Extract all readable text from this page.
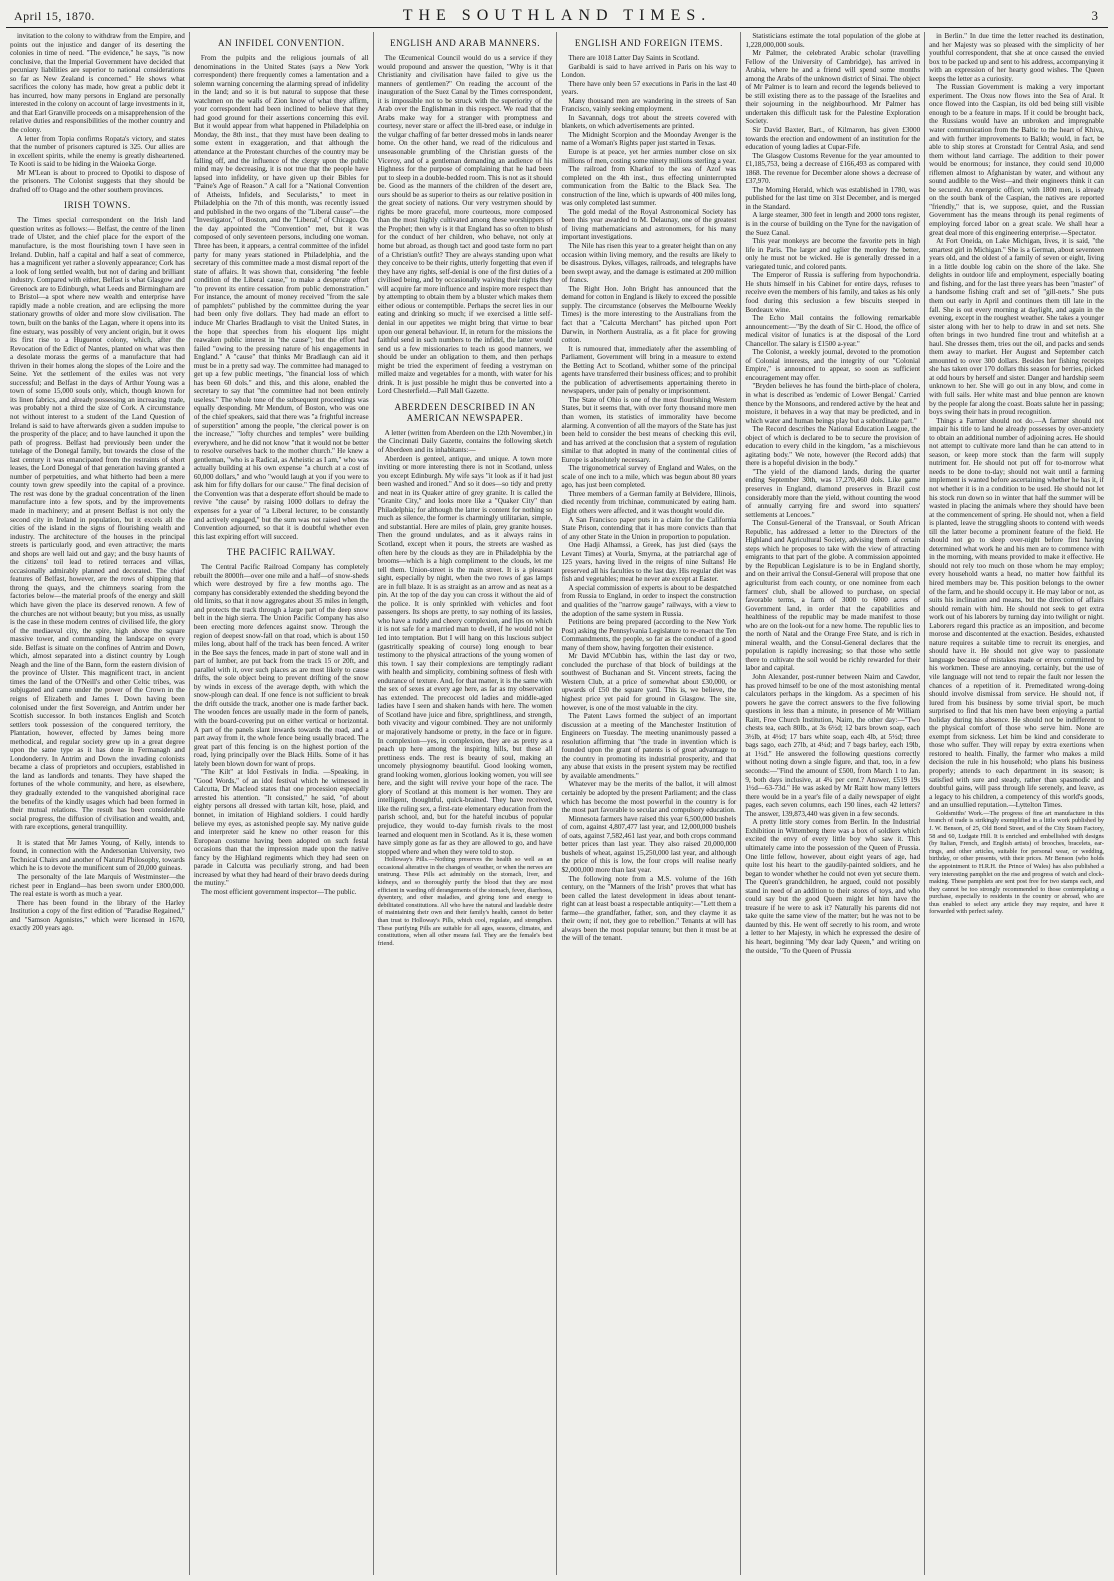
April 15, 1870.	THE SOUTHLAND TIMES.	3

invitation to the colony to withdraw from the Empire, and points out the injustice and danger of its deserting the colonies in time of need. "The evidence," he says, "is now conclusive, that the Imperial Government have decided that pecuniary liabilities are superior to national considerations so far as New Zealand is concerned." He shows what sacrifices the colony has made, how great a public debt it has incurred, how many persons in England are personally interested in the colony on account of large investments in it, and that Earl Granville proceeds on a misapprehension of the relative duties and responsibilities of the mother country and the colony.

A letter from Topia confirms Ropata's victory, and states that the number of prisoners captured is 325. Our allies are in excellent spirits, while the enemy is greatly disheartened. Te Kooti is said to be hiding in the Waioeka Gorge.

Mr M'Lean is about to proceed to Opotiki to dispose of the prisoners. The Colonist suggests that they should be drafted off to Otago and the other southern provinces.

IRISH TOWNS.

The Times special correspondent on the Irish land question writes as follows:— Belfast, the centre of the linen trade of Ulster, and the chief place for the export of the manufacture, is the most flourishing town I have seen in Ireland. Dublin, half a capital and half a seat of commerce, has a magnificent yet rather a slovenly appearance; Cork has a look of long settled wealth, but not of daring and brilliant industry. Compared with either, Belfast is what Glasgow and Greenock are to Edinburgh, what Leeds and Birmingham are to Bristol—a spot where new wealth and enterprise have rapidly made a noble creation, and are eclipsing the more stationary growths of older and more slow civilisation. The town, built on the banks of the Lagan, where it opens into its fine estuary, was possibly of very ancient origin, but it owes its first rise to a Huguenot colony, which, after the Revocation of the Edict of Nantes, planted on what was then a desolate morass the germs of a manufacture that had thriven in their homes along the slopes of the Loire and the Seine. Yet the settlement of the exiles was not very successful; and Belfast in the days of Arthur Young was a town of some 15,000 souls only, which, though known for its linen fabrics, and already possessing an increasing trade, was probably not a third the size of Cork. A circumstance not without interest to a student of the Land Question of Ireland is said to have afterwards given a sudden impulse to the prosperity of the place; and to have launched it upon the path of progress. Belfast had previously been under the tutelage of the Donegal family, but towards the close of the last century it was emancipated from the restraints of short leases, the Lord Donegal of that generation having granted a number of perpetuities, and what hitherto had been a mere county town grew speedily into the capital of a province. The rest was done by the gradual concentration of the linen manufacture into a few spots, and by the improvements made in machinery; and at present Belfast is not only the second city in Ireland in population, but it excels all the cities of the island in the signs of flourishing wealth and industry. The architecture of the houses in the principal streets is particularly good, and even attractive; the marts and shops are well laid out and gay; and the busy haunts of the citizens' toil lead to retired terraces and villas, occasionally admirably planned and decorated. The chief features of Belfast, however, are the rows of shipping that throng the quays, and the chimneys soaring from the factories below—the material proofs of the energy and skill which have given the place its deserved renown. A few of the churches are not without beauty; but you miss, as usually is the case in these modern centres of civilised life, the glory of the mediaeval city, the spire, high above the square massive tower, and commanding the landscape on every side. Belfast is situate on the confines of Antrim and Down, which, almost separated into a distinct country by Lough Neagh and the line of the Bann, form the eastern division of the province of Ulster. This magnificent tract, in ancient times the land of the O'Neill's and other Celtic tribes, was subjugated and came under the power of the Crown in the reigns of Elizabeth and James I. Down having been colonised under the first Sovereign, and Antrim under her Scottish successor. In both instances English and Scotch settlers took possession of the conquered territory, the Plantation, however, effected by James being more methodical, and regular society grew up in a great degree upon the same type as it has done in Fermanagh and Londonderry. In Antrim and Down the invading colonists became a class of proprietors and occupiers, established in the land as landlords and tenants. They have shaped the fortunes of the whole community, and here, as elsewhere, they gradually extended to the vanquished aboriginal race the benefits of the kindly usages which had been formed in their mutual relations. The result has been considerable social progress, the diffusion of civilisation and wealth, and, with rare exceptions, general tranquillity.

It is stated that Mr James Young, of Kelly, intends to found, in connection with the Andersonian University, two Technical Chairs and another of Natural Philosophy, towards which he is to devote the munificent sum of 20,000 guineas.

The personalty of the late Marquis of Westminster—the richest peer in England—has been sworn under £800,000. The real estate is worth as much a year.

There has been found in the library of the Harley Institution a copy of the first edition of "Paradise Regained," and "Samson Agonistes," which were licensed in 1670, exactly 200 years ago.

AN INFIDEL CONVENTION.

From the pulpits and the religious journals of all denominations in the United States (says a New York correspondent) there frequently comes a lamentation and a solemn warning concerning the alarming spread of infidelity in the land; and so it is but natural to suppose that these watchmen on the walls of Zion know of what they affirm, your correspondent had been inclined to believe that they had good ground for their assertions concerning this evil. But it would appear from what happened in Philadelphia on Monday, the 8th inst., that they must have been dealing to some extent in exaggeration, and that although the attendance at the Protestant churches of the country may be falling off, and the influence of the clergy upon the public mind may be decreasing, it is not true that the people have lapsed into infidelity, or have given up their Bibles for "Paine's Age of Reason." A call for a "National Convention of Atheists, Infidels, and Secularists," to meet in Philadelphia on the 7th of this month, was recently issued and published in the two organs of the "Liberal cause"—the "Investigator," of Boston, and the "Liberal," of Chicago. On the day appointed the "Convention" met, but it was composed of only seventeen persons, including one woman. Three has been, it appears, a central committee of the infidel party for many years stationed in Philadelphia, and the secretary of this committee made a most dismal report of the state of affairs. It was shown that, considering "the feeble condition of the Liberal cause," to make a desperate effort "to prevent its entire cessation from public demonstration." For instance, the amount of money received "from the sale of pamphlets" published by the committee during the year had been only five dollars. They had made an effort to induce Mr Charles Bradlaugh to visit the United States, in the hope that speeches from his eloquent lips might reawaken public interest in "the cause"; but the effort had failed "owing to the pressing nature of his engagements in England." A "cause" that thinks Mr Bradlaugh can aid it must be in a pretty sad way. The committee had managed to get up a few public meetings, "the financial loss of which has been 60 dols." and this, and this alone, enabled the secretary to say that "the committee had not been entirely useless." The whole tone of the subsequent proceedings was equally desponding. Mr Mendum, of Boston, who was one of the chief speakers, said that there was "a frightful increase of superstition" among the people, "the clerical power is on the increase," "lofty churches and temples" were building everywhere, and he did not know "that it would not be better to resolve ourselves back to the mother church." He knew a gentleman, "who is a Radical, as Atheistic as I am," who was actually building at his own expense "a church at a cost of 60,000 dollars," and who "would laugh at you if you were to ask him for fifty dollars for our cause." The final decision of the Convention was that a desperate effort should be made to revive "the cause" by raising 1000 dollars to defray the expenses for a year of "a Liberal lecturer, to be constantly and actively engaged," but the sum was not raised when the Convention adjourned, so that it is doubtful whether even this last expiring effort will succeed.

THE PACIFIC RAILWAY.

The Central Pacific Railroad Company has completely rebuilt the 8000ft—over one mile and a half—of snow-sheds which were destroyed by fire a few months ago. The company has considerably extended the shedding beyond the old limits, so that it now aggregates about 35 miles in length, and protects the track through a large part of the deep snow belt in the high sierra. The Union Pacific Company has also been erecting more defences against snow. Through the region of deepest snow-fall on that road, which is about 150 miles long, about half of the track has been fenced. A writer in the Bee says the fences, made in part of stone wall and in part of lumber, are put back from the track 15 or 20ft, and parallel with it, over such places as are most likely to cause drifts, the sole object being to prevent drifting of the snow by winds in excess of the average depth, with which the snow-plough can deal. If one fence is not sufficient to break the drift outside the track, another one is made farther back. The wooden fences are usually made in the form of panels, with the board-covering put on either vertical or horizontal. A part of the panels slant inwards towards the road, and a part away from it, the whole fence being usually braced. The great part of this fencing is on the highest portion of the road, lying principally over the Black Hills. Some of it has lately been blown down for want of props.

"The Kilt" at Idol Festivals in India. —Speaking, in "Good Words," of an idol festival which he witnessed in Calcutta, Dr Macleod states that one procession especially arrested his attention. "It consisted," he said, "of about eighty persons all dressed with tartan kilt, hose, plaid, and bonnet, in imitation of Highland soldiers. I could hardly believe my eyes, as astonished people say. My native guide and interpreter said he knew no other reason for this European costume having been adopted on such festal occasions than that the impression made upon the native fancy by the Highland regiments which they had seen on parade in Calcutta was peculiarly strong, and had been increased by what they had heard of their bravo deeds during the mutiny."

The most efficient government inspector—The public.

ENGLISH AND ARAB MANNERS.

The Œcumenical Council would do us a service if they would propound and answer the question, "Why is it that Christianity and civilisation have failed to give us the manners of gentlemen?" On reading the account of the inauguration of the Suez Canal by the Times correspondent, it is impossible not to be struck with the superiority of the Arab over the Englishman in this respect. We read that the Arabs make way for a stranger with promptness and courtesy, never stare or affect the ill-bred ease, or indulge in the vulgar chaffing of far better dressed mobs in lands nearer home. On the other hand, we read of the ridiculous and unseasonable grumbling of the Christian guests of the Viceroy, and of a gentleman demanding an audience of his Highness for the purpose of complaining that he had been put to sleep in a double-bedded room. This is not as it should be. Good as the manners of the children of the desert are, ours should be as superior to theirs as our relative position in the great society of nations. Our very vestrymen should by rights be more graceful, more courteous, more composed than the most highly cultivated among these worshippers of the Prophet; then why is it that England has so often to blush for the conduct of her children, who behave, not only at home but abroad, as though tact and good taste form no part of a Christian's outfit? They are always standing upon what they conceive to be their rights, utterly forgetting that even if they have any rights, self-denial is one of the first duties of a civilised being, and by occasionally waiving their rights they will acquire far more influence and inspire more respect than by attempting to obtain them by a bluster which makes them either odious or contemptible. Perhaps the secret lies in our eating and drinking so much; if we exercised a little self-denial in our appetites we might bring that virtue to bear upon our general behaviour. If, in return for the missions the faithful send in such numbers to the infidel, the latter would send us a few missionaries to teach us good manners, we should be under an obligation to them, and then perhaps might be tried the experiment of feeding a vestryman on milled maize and vegetables for a month, with water for his drink. It is just possible he might thus be converted into a Lord Chesterfield.—Pall Mall Gazette.

ABERDEEN DESCRIBED IN AN AMERICAN NEWSPAPER.

A letter (written from Aberdeen on the 12th November,) in the Cincinnati Daily Gazette, contains the following sketch of Aberdeen and its inhabitants:—

Aberdeen is genteel, antique, and unique. A town more inviting or more interesting there is not in Scotland, unless you except Edinburgh. My wife says "it look as if it had just been washed and ironed." And so it does—so tidy and pretty and neat in its Quaker attire of grey granite. It is called the "Granite City," and looks more like a "Quaker City" than Philadelphia; for although the latter is content for nothing so much as silence, the former is charmingly utilitarian, simple, and substantial. Here are miles of plain, grey granite houses. Then the ground undulates, and as it always rains in Scotland, except when it pours, the streets are washed as often here by the clouds as they are in Philadelphia by the brooms—which is a high compliment to the clouds, let me tell them. Union-street is the main street. It is a pleasant sight, especially by night, when the two rows of gas lamps are in full blaze. It is as straight as an arrow and as neat as a pin. At the top of the day you can cross it without the aid of the police. It is only sprinkled with vehicles and foot passengers. Its shops are pretty, to say nothing of its lassies, who have a ruddy and cheery complexion, and lips on which it is not safe for a married man to dwell, if he would not be led into temptation. But I will hang on this luscious subject (gastritically speaking of course) long enough to bear testimony to the physical attractions of the young women of this town. I say their complexions are temptingly radiant with health and simplicity, combining softness of flesh with endurance of texture. And, for that matter, it is the same with the sex of sexes at every age here, as far as my observation has extended. The precocest old ladies and middle-aged ladies have I seen and shaken hands with here. The women of Scotland have juice and fibre, sprightliness, and strength, both vivacity and vigour combined. They are not uniformly or majoratively handsome or pretty, in the face or in figure. In complexion—yes, in complexion, they are as pretty as a peach up here among the inspiring hills, but these all prettiness ends. The rest is beauty of soul, making an uncomely physiognomy beautiful. Good looking women, grand looking women, glorious looking women, you will see here, and the sight will revive your hope of the race. The glory of Scotland at this moment is her women. They are intelligent, thoughtful, quick-brained. They have received, like the ruling sex, a first-rate elementary education from the parish school, and, but for the hateful incubus of popular prejudice, they would to-day furnish rivals to the most learned and eloquent men in Scotland. As it is, these women have simply gone as far as they are allowed to go, and have stopped where and when they were told to stop.

Holloway's Pills.—Nothing preserves the health so well as an occasional alterative in the changes of weather, or when the nerves are unstrung. These Pills act admirably on the stomach, liver, and kidneys, and so thoroughly purify the blood that they are most efficient in warding off derangements of the stomach, fever, diarrhoea, dysentery, and other maladies, and giving tone and energy to debilitated constitutions. All who have the natural and laudable desire of maintaining their own and their family's health, cannot do better than trust to Holloway's Pills, which cool, regulate, and strengthen. These purifying Pills are suitable for all ages, seasons, climates, and constitutions, when all other means fail. They are the female's best friend.

ENGLISH AND FOREIGN ITEMS.

There are 1018 Latter Day Saints in Scotland.

Garibaldi is said to have arrived in Paris on his way to London.

There have only been 57 executions in Paris in the last 40 years.

Many thousand men are wandering in the streets of San Francisco, vainly seeking employment.

In Savannah, dogs trot about the streets covered with blankets, on which advertisements are printed.

The Midnight Scorpion and the Moonday Avenger is the name of a Woman's Rights paper just started in Texas.

Europe is at peace, yet her armies number close on six millions of men, costing some ninety millions sterling a year.

The railroad from Kharkof to the sea of Azof was completed on the 4th inst., thus effecting uninterrupted communication from the Baltic to the Black Sea. The construction of the line, which is upwards of 400 miles long, was only completed last summer.

The gold medal of the Royal Astronomical Society has been this year awarded to M. Delaunay, one of the greatest of living mathematicians and astronomers, for his many important investigations.

The Nile has risen this year to a greater height than on any occasion within living memory, and the results are likely to be disastrous. Dykes, villages, railroads, and telegraphs have been swept away, and the damage is estimated at 200 million of francs.

The Right Hon. John Bright has announced that the demand for cotton in England is likely to exceed the possible supply. The circumstance (observes the Melbourne Weekly Times) is the more interesting to the Australians from the fact that a "Calcutta Merchant" has pitched upon Port Darwin, in Northern Australia, as a fit place for growing cotton.

It is rumoured that, immediately after the assembling of Parliament, Government will bring in a measure to extend the Betting Act to Scotland, whither some of the principal agents have transferred their business offices; and to prohibit the publication of advertisements appertaining thereto in newspapers, under pain of penalty or imprisonment.

The State of Ohio is one of the most flourishing Western States, but it seems that, with over forty thousand more men than women, its statistics of immorality have become alarming. A convention of all the mayors of the State has just been held to consider the best means of checking this evil, and has arrived at the conclusion that a system of regulation similar to that adopted in many of the continental cities of Europe is absolutely necessary.

The trigonometrical survey of England and Wales, on the scale of one inch to a mile, which was begun about 80 years ago, has just been completed.

Three members of a German family at Belvidere, Illinois, died recently from trichinae, communicated by eating ham. Eight others were affected, and it was thought would die.

A San Francisco paper puts in a claim for the California State Prison, contending that it has more convicts than that of any other State in the Union in proportion to population.

One Hadji Alhamssi, a Greek, has just died (says the Levant Times) at Vourla, Smyrna, at the patriarchal age of 125 years, having lived in the reigns of nine Sultans! He preserved all his faculties to the last day. His regular diet was fish and vegetables; meat he never ate except at Easter.

A special commission of experts is about to be despatched from Russia to England, in order to inspect the construction and qualities of the "narrow gauge" railways, with a view to the adoption of the same system in Russia.

Petitions are being prepared (according to the New York Post) asking the Pennsylvania Legislature to re-enact the Ten Commandments, the people, so far as the conduct of a good many of them show, having forgotten their existence.

Mr David M'Cubbin has, within the last day or two, concluded the purchase of that block of buildings at the southwest of Buchanan and St. Vincent streets, facing the Western Club, at a price of somewhat about £30,000, or upwards of £50 the square yard. This is, we believe, the highest price yet paid for ground in Glasgow. The site, however, is one of the most valuable in the city.

The Patent Laws formed the subject of an important discussion at a meeting of the Manchester Institution of Engineers on Tuesday. The meeting unanimously passed a resolution affirming that "the trade in invention which is founded upon the grant of patents is of great advantage to the country in promoting its industrial prosperity, and that any abuse that exists in the present system may be rectified by available amendments."

Whatever may be the merits of the ballot, it will almost certainly be adopted by the present Parliament; and the class which has become the most powerful in the country is for the most part favorable to secular and compulsory education.

Minnesota farmers have raised this year 6,500,000 bushels of corn, against 4,807,477 last year, and 12,000,000 bushels of oats, against 7,582,461 last year, and both crops command better prices than last year. They also raised 20,000,000 bushels of wheat, against 15,250,000 last year, and although the price of this is low, the four crops will realise nearly $2,000,000 more than last year.

The following note from a M.S. volume of the 16th century, on the "Manners of the Irish" proves that what has been called the latest development in ideas about tenant-right can at least boast a respectable antiquity:—"Lett them a farme—the grandfather, father, son, and they clayme it as their own; if not, they goe to rebellion." Tenants at will has always been the most popular tenure; but then it must be at the will of the tenant.

Statisticians estimate the total population of the globe at 1,228,000,000 souls.

Mr Palmer, the celebrated Arabic scholar (travelling Fellow of the University of Cambridge), has arrived in Arabia, where he and a friend will spend some months among the Arabs of the unknown district of Sinai. The object of Mr Palmer is to learn and record the legends believed to be still existing there as to the passage of the Israelites and their sojourning in the neighbourhood. Mr Palmer has undertaken this difficult task for the Palestine Exploration Society.

Sir David Baxter, Bart., of Kilmaron, has given £3000 towards the erection and endowment of an institution for the education of young ladies at Cupar-Fife.

The Glasgow Customs Revenue for the year amounted to £1,185,753, being a decrease of £166,493 as compared with 1868. The revenue for December alone shows a decrease of £37,970.

The Morning Herald, which was established in 1780, was published for the last time on 31st December, and is merged in the Standard.

A large steamer, 300 feet in length and 2000 tons register, is in the course of building on the Tyne for the navigation of the Suez Canal.

This year monkeys are become the favorite pets in high life in Paris. The larger and uglier the monkey the better, only he must not be wicked. He is generally dressed in a variegated tunic, and colored pants.

The Emperor of Russia is suffering from hypochondria. He shuts himself in his Cabinet for entire days, refuses to receive even the members of his family, and takes as his only food during this seclusion a few biscuits steeped in Bordeaux wine.

The Echo Mail contains the following remarkable announcement:—"By the death of Sir C. Hood, the office of medical visitor of lunatics is at the disposal of the Lord Chancellor. The salary is £1500 a-year."

The Colonist, a weekly journal, devoted to the promotion of Colonial interests, and the integrity of our "Colonial Empire," is announced to appear, so soon as sufficient encouragement may offer.

"Bryden believes he has found the birth-place of cholera, in what is described as 'endemic of Lower Bengal.' Carried thence by the Monsoons, and rendered active by the heat and moisture, it behaves in a way that may be predicted, and in which water and human beings play but a subordinate part."

The Record describes the National Education League, the object of which is declared to be to secure the provision of education to every child in the kingdom, "as a mischievous agitating body." We note, however (the Record adds) that there is a hopeful division in the body."

"The yield of the diamond lands, during the quarter ending September 30th, was 17,270,460 dols. Like game preserves in England, diamond preserves in Brazil cost considerably more than the yield, without counting the wood of annually carrying fire and sword into squatters' settlements at Lencoes."

The Consul-General of the Transvaal, or South African Republic, has addressed a letter to the Directors of the Highland and Agricultural Society, advising them of certain steps which he proposes to take with the view of attracting emigrants to that part of the globe. A commission appointed by the Republican Legislature is to be in England shortly, and on their arrival the Consul-General will propose that one agriculturist from each county, or one nominee from each farmers' club, shall be allowed to purchase, on special favorable terms, a farm of 3000 to 6000 acres of Government land, in order that the capabilities and healthiness of the republic may be made manifest to those who are on the look-out for a new home. The republic lies to the north of Natal and the Orange Free State, and is rich in mineral wealth, and the Consul-General declares that the population is rapidly increasing; so that those who settle there to cultivate the soil would be richly rewarded for their labor and capital.

John Alexander, post-runner between Nairn and Cawdor, has proved himself to be one of the most astonishing mental calculators perhaps in the kingdom. As a specimen of his powers he gave the correct answers to the five following questions in less than a minute, in presence of Mr William Raitt, Free Church Institution, Nairn, the other day:—"Two chests tea, each 80lb., at 3s 6½d; 12 bars brown soap, each 3½lb, at 4½d; 17 bars white soap, each 4lb, at 5½d; three bags sago, each 27lb, at 4¼d; and 7 bags barley, each 19lb, at 1½d." He answered the following questions correctly without noting down a single figure, and that, too, in a few seconds:—"Find the amount of £500, from March 1 to Jan. 9, both days inclusive, at 4¼ per cent.? Answer, £519 19s 1½d—63-73d." He was asked by Mr Raitt how many letters there would be in a year's file of a daily newspaper of eight pages, each seven columns, each 190 lines, each 42 letters? The answer, 139,873,440 was given in a few seconds.

A pretty little story comes from Berlin. In the Industrial Exhibition in Wittemberg there was a box of soldiers which excited the envy of every little boy who saw it. This ultimately came into the possession of the Queen of Prussia. One little fellow, however, about eight years of age, had quite lost his heart to the gaudily-painted soldiers, and he began to wonder whether he could not even yet secure them. The Queen's grandchildren, he argued, could not possibly stand in need of an addition to their stores of toys, and who could say but the good Queen might let him have the treasure if he were to ask it? Naturally his parents did not take quite the same view of the matter; but he was not to be daunted by this. He went off secretly to his room, and wrote a letter to her Majesty, in which he expressed the desire of his heart, beginning "My dear lady Queen," and writing on the outside, "To the Queen of Prussia

in Berlin." In due time the letter reached its destination, and her Majesty was so pleased with the simplicity of her youthful correspondent, that she at once caused the envied box to be packed up and sent to his address, accompanying it with an expression of her hearty good wishes. The Queen keeps the letter as a curiosity.

The Russian Government is making a very important experiment. The Oxus now flows into the Sea of Aral. It once flowed into the Caspian, its old bed being still visible enough to be a feature in maps. If it could be brought back, the Russians would have an unbroken and impregnable water communication from the Baltic to the heart of Khiva, and with further improvements to Balkh; would, in fact, be able to ship stores at Cronstadt for Central Asia, and send them without land carriage. The addition to their power would be enormous; for instance, they could send 10,000 riflemen almost to Afghanistan by water, and without any sound audible to the West—and their engineers think it can be secured. An energetic officer, with 1800 men, is already on the south bank of the Caspian, the natives are reported "friendly," that is, we suppose, quiet, and the Russian Government has the means through its penal regiments of employing forced labor on a great scale. We shall hear a great deal more of this engineering enterprise.—Spectator.

At Fort Oneida, on Lake Michigan, lives, it is said, "the smartest girl in Michigan." She is a German, about seventeen years old, and the oldest of a family of seven or eight, living in a little double log cabin on the shore of the lake. She delights in outdoor life and employment, especially boating and fishing, and for the last three years has been "master" of a handsome fishing craft and set of "gill-nets." She puts them out early in April and continues them till late in the fall. She is out every morning at daylight, and again in the evening, except in the roughest weather. She takes a younger sister along with her to help to draw in and set nets. She often brings in two hundred fine trout and whitefish at a haul. She dresses them, tries out the oil, and packs and sends them away to market. Her August and September catch amounted to over 300 dollars. Besides her fishing receipts she has taken over 170 dollars this season for berries, picked at odd hours by herself and sister. Danger and hardship seem unknown to her. She will go out in any blow, and come in with full sails. Her white mast and blue pennon are known by the people far along the coast. Boats salute her in passing; boys swing their hats in proud recognition.

Things a Farmer should not do.—A farmer should not impair his title to land he already possesses by over-anxiety to obtain an additional number of adjoining acres. He should not attempt to cultivate more land than he can attend to in season, or keep more stock than the farm will supply nutriment for. He should not put off for to-morrow what needs to be done to-day; should not wait until a farming implement is wanted before ascertaining whether he has it, if not whether it is in a condition to be used. He should not let his stock run down so in winter that half the summer will be wasted in placing the animals where they should have been at the commencement of spring. He should not, when a field is planted, leave the struggling shoots to contend with weeds till the latter become a prominent feature of the field. He should not go to sleep over-night before first having determined what work he and his men are to commence with in the morning, with means provided to make it effective. He should not rely too much on those whom he may employ; every household wants a head, no matter how faithful its hired members may be. This position belongs to the owner of the farm, and he should occupy it. He may labor or not, as suits his inclination and means, but the direction of affairs should remain with him. He should not seek to get extra work out of his laborers by turning day into twilight or night. Laborers regard this practice as an imposition, and become morose and discontented at the exaction. Besides, exhausted nature requires a suitable time to recruit its energies, and should have it. He should not give way to passionate language because of mistakes made or errors committed by his workmen. These are annoying, certainly, but the use of vile language will not tend to repair the fault nor lessen the chances of a repetition of it. Premeditated wrong-doing should involve dismissal from service. He should not, if lured from his business by some trivial sport, be much surprised to find that his men have been enjoying a partial holiday during his absence. He should not be indifferent to the physical comfort of those who serve him. None are exempt from sickness. Let him be kind and considerate to those who suffer. They will repay by extra exertions when restored to health. Finally, the farmer who makes a mild decision the rule in his household; who plans his business properly; attends to each department in its season; is satisfied with sure and steady, rather than spasmodic and doubtful gains, will pass through life serenely, and leave, as a legacy to his children, a competency of this world's goods, and an unsullied reputation.—Lyttelton Times.

Goldsmiths' Work.—The progress of fine art manufacture in this branch of trade is strikingly exemplified in a little work published by J. W. Benson, of 25, Old Bond Street, and of the City Steam Factory, 58 and 60, Ludgate Hill. It is enriched and embellished with designs (by Italian, French, and English artists) of brooches, bracelets, ear-rings, and other articles, suitable for personal wear, or wedding, birthday, or other presents, with their prices. Mr Benson (who holds the appointment to H.R.H. the Prince of Wales) has also published a very interesting pamphlet on the rise and progress of watch and clock-making. These pamphlets are sent post free for two stamps each, and they cannot be too strongly recommended to those contemplating a purchase, especially to residents in the country or abroad, who are thus enabled to select any article they may require, and have it forwarded with perfect safety.
